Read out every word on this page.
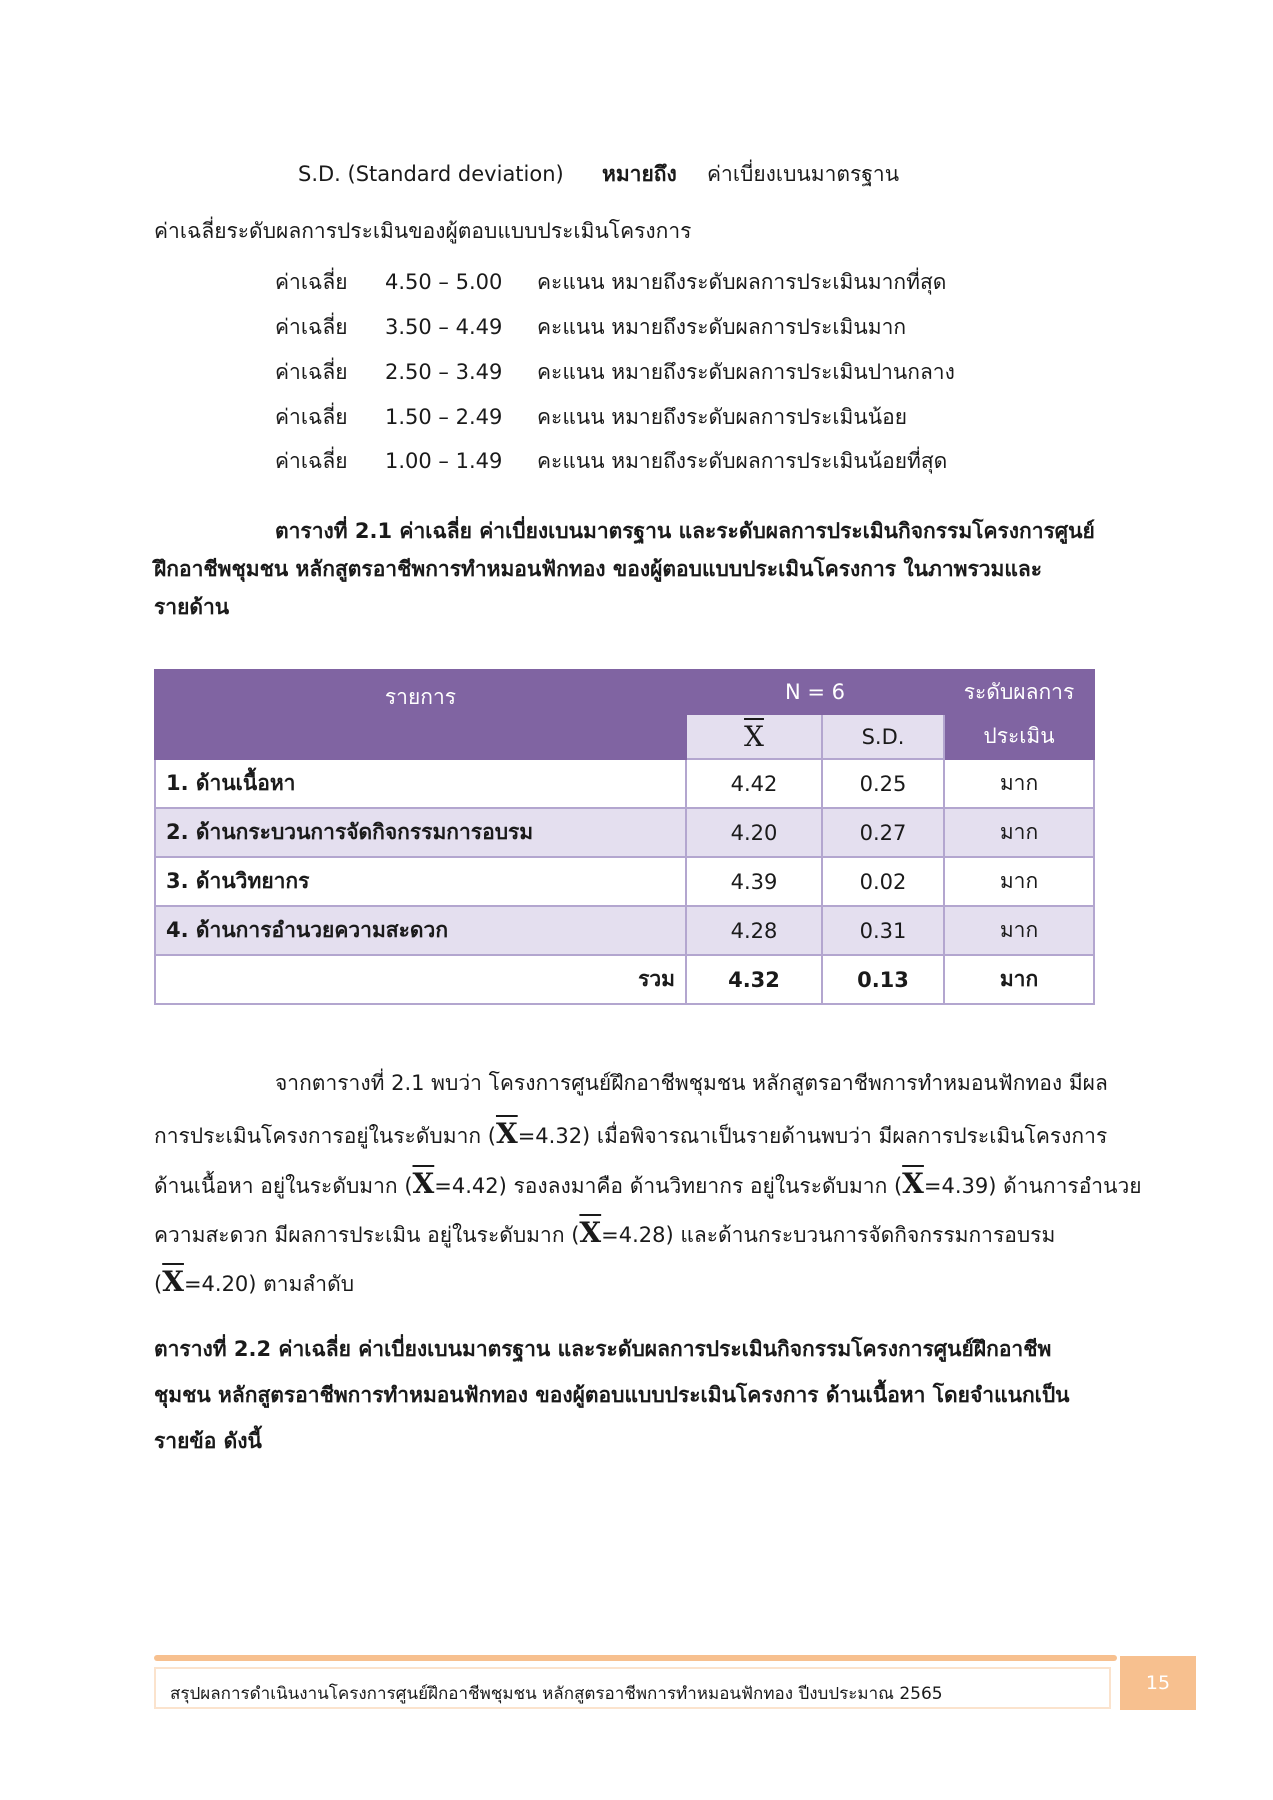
S.D. (Standard deviation) หมายถึง ค่าเบี่ยงเบนมาตรฐาน
ค่าเฉลี่ยระดับผลการประเมินของผู้ตอบแบบประเมินโครงการ
ค่าเฉลี่ย 4.50 – 5.00 คะแนน หมายถึงระดับผลการประเมินมากที่สุด
ค่าเฉลี่ย 3.50 – 4.49 คะแนน หมายถึงระดับผลการประเมินมาก
ค่าเฉลี่ย 2.50 – 3.49 คะแนน หมายถึงระดับผลการประเมินปานกลาง
ค่าเฉลี่ย 1.50 – 2.49 คะแนน หมายถึงระดับผลการประเมินน้อย
ค่าเฉลี่ย 1.00 – 1.49 คะแนน หมายถึงระดับผลการประเมินน้อยที่สุด
ตารางที่ 2.1 ค่าเฉลี่ย ค่าเบี่ยงเบนมาตรฐาน และระดับผลการประเมินกิจกรรมโครงการศูนย์
ฝึกอาชีพชุมชน หลักสูตรอาชีพการทำหมอนฟักทอง ของผู้ตอบแบบประเมินโครงการ ในภาพรวมและ
รายด้าน
รายการ	N = 6		ระดับผลการ
	$\overline{X}$	S.D.	ประเมิน
1. ด้านเนื้อหา	4.42	0.25	มาก
2. ด้านกระบวนการจัดกิจกรรมการอบรม	4.20	0.27	มาก
3. ด้านวิทยากร	4.39	0.02	มาก
4. ด้านการอำนวยความสะดวก	4.28	0.31	มาก
รวม	4.32	0.13	มาก
จากตารางที่ 2.1 พบว่า โครงการศูนย์ฝึกอาชีพชุมชน หลักสูตรอาชีพการทำหมอนฟักทอง มีผล
การประเมินโครงการอยู่ในระดับมาก $(\overline{X}=4.32)$ เมื่อพิจารณาเป็นรายด้านพบว่า มีผลการประเมินโครงการ
ด้านเนื้อหา อยู่ในระดับมาก $(\overline{X}=4.42)$ รองลงมาคือ ด้านวิทยากร อยู่ในระดับมาก $(\overline{X}=4.39)$ ด้านการอำนวย
ความสะดวก มีผลการประเมิน อยู่ในระดับมาก $(\overline{X}=4.28)$ และด้านกระบวนการจัดกิจกรรมการอบรม
$(\overline{X}=4.20)$ ตามลำดับ
ตารางที่ 2.2 ค่าเฉลี่ย ค่าเบี่ยงเบนมาตรฐาน และระดับผลการประเมินกิจกรรมโครงการศูนย์ฝึกอาชีพ
ชุมชน หลักสูตรอาชีพการทำหมอนฟักทอง ของผู้ตอบแบบประเมินโครงการ ด้านเนื้อหา โดยจำแนกเป็น
รายข้อ ดังนี้
สรุปผลการดำเนินงานโครงการศูนย์ฝึกอาชีพชุมชน หลักสูตรอาชีพการทำหมอนฟักทอง ปีงบประมาณ 2565	15
